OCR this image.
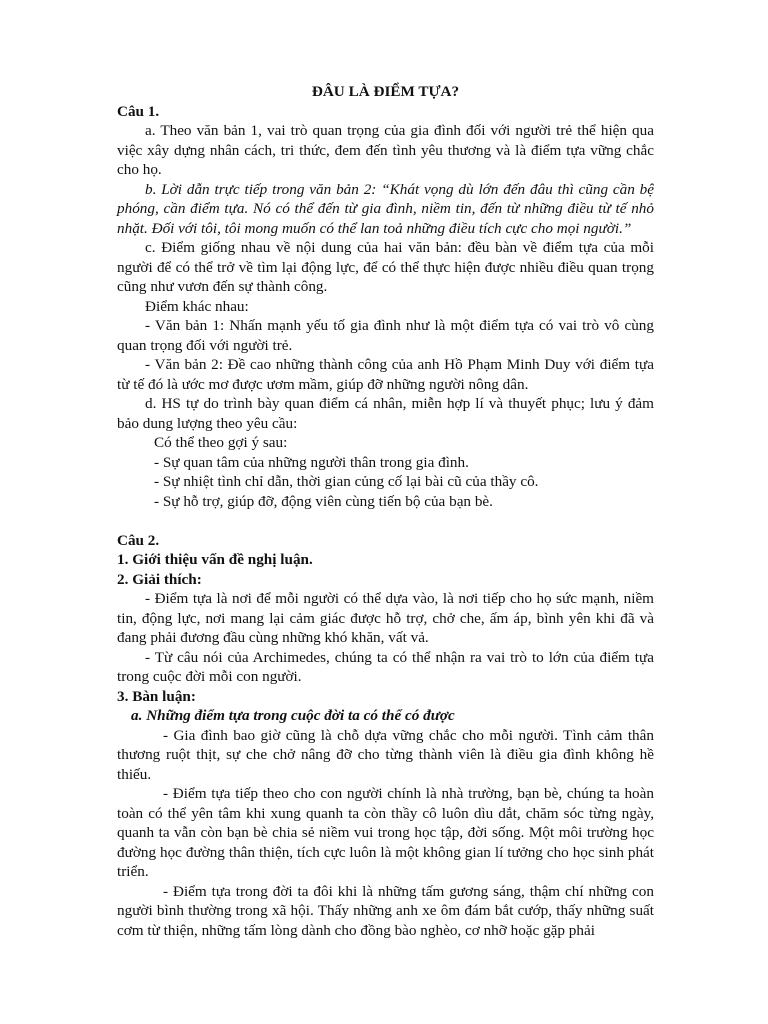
ĐÂU LÀ ĐIỂM TỰA?

Câu 1.

a. Theo văn bản 1, vai trò quan trọng của gia đình đối với người trẻ thể hiện qua việc xây dựng nhân cách, tri thức, đem đến tình yêu thương và là điểm tựa vững chắc cho họ.

b. Lời dẫn trực tiếp trong văn bản 2: “Khát vọng dù lớn đến đâu thì cũng cần bệ phóng, cần điểm tựa. Nó có thể đến từ gia đình, niềm tin, đến từ những điều từ tế nhỏ nhặt. Đối với tôi, tôi mong muốn có thể lan toả những điều tích cực cho mọi người.”

c. Điểm giống nhau về nội dung của hai văn bản: đều bàn về điểm tựa của mỗi người để có thể trở về tìm lại động lực, để có thể thực hiện được nhiều điều quan trọng cũng như vươn đến sự thành công.

Điểm khác nhau:

- Văn bản 1: Nhấn mạnh yếu tố gia đình như là một điểm tựa có vai trò vô cùng quan trọng đối với người trẻ.

- Văn bản 2: Đề cao những thành công của anh Hồ Phạm Minh Duy với điểm tựa từ tế đó là ước mơ được ươm mầm, giúp đỡ những người nông dân.

d. HS tự do trình bày quan điểm cá nhân, miễn hợp lí và thuyết phục; lưu ý đảm bảo dung lượng theo yêu cầu:

Có thể theo gợi ý sau:

- Sự quan tâm của những người thân trong gia đình.

- Sự nhiệt tình chỉ dẫn, thời gian củng cố lại bài cũ của thầy cô.

- Sự hỗ trợ, giúp đỡ, động viên cùng tiến bộ của bạn bè.

Câu 2.

1. Giới thiệu vấn đề nghị luận.

2. Giải thích:

- Điểm tựa là nơi để mỗi người có thể dựa vào, là nơi tiếp cho họ sức mạnh, niềm tin, động lực, nơi mang lại cảm giác được hỗ trợ, chở che, ấm áp, bình yên khi đã và đang phải đương đầu cùng những khó khăn, vất vả.

- Từ câu nói của Archimedes, chúng ta có thể nhận ra vai trò to lớn của điểm tựa trong cuộc đời mỗi con người.

3. Bàn luận:

a. Những điểm tựa trong cuộc đời ta có thể có được

- Gia đình bao giờ cũng là chỗ dựa vững chắc cho mỗi người. Tình cảm thân thương ruột thịt, sự che chở nâng đỡ cho từng thành viên là điều gia đình không hề thiếu.

- Điểm tựa tiếp theo cho con người chính là nhà trường, bạn bè, chúng ta hoàn toàn có thể yên tâm khi xung quanh ta còn thầy cô luôn dìu dắt, chăm sóc từng ngày, quanh ta vẫn còn bạn bè chia sẻ niềm vui trong học tập, đời sống. Một môi trường học đường học đường thân thiện, tích cực luôn là một không gian lí tưởng cho học sinh phát triển.

- Điểm tựa trong đời ta đôi khi là những tấm gương sáng, thậm chí những con người bình thường trong xã hội. Thấy những anh xe ôm đám bắt cướp, thấy những suất cơm từ thiện, những tấm lòng dành cho đồng bào nghèo, cơ nhỡ hoặc gặp phải
